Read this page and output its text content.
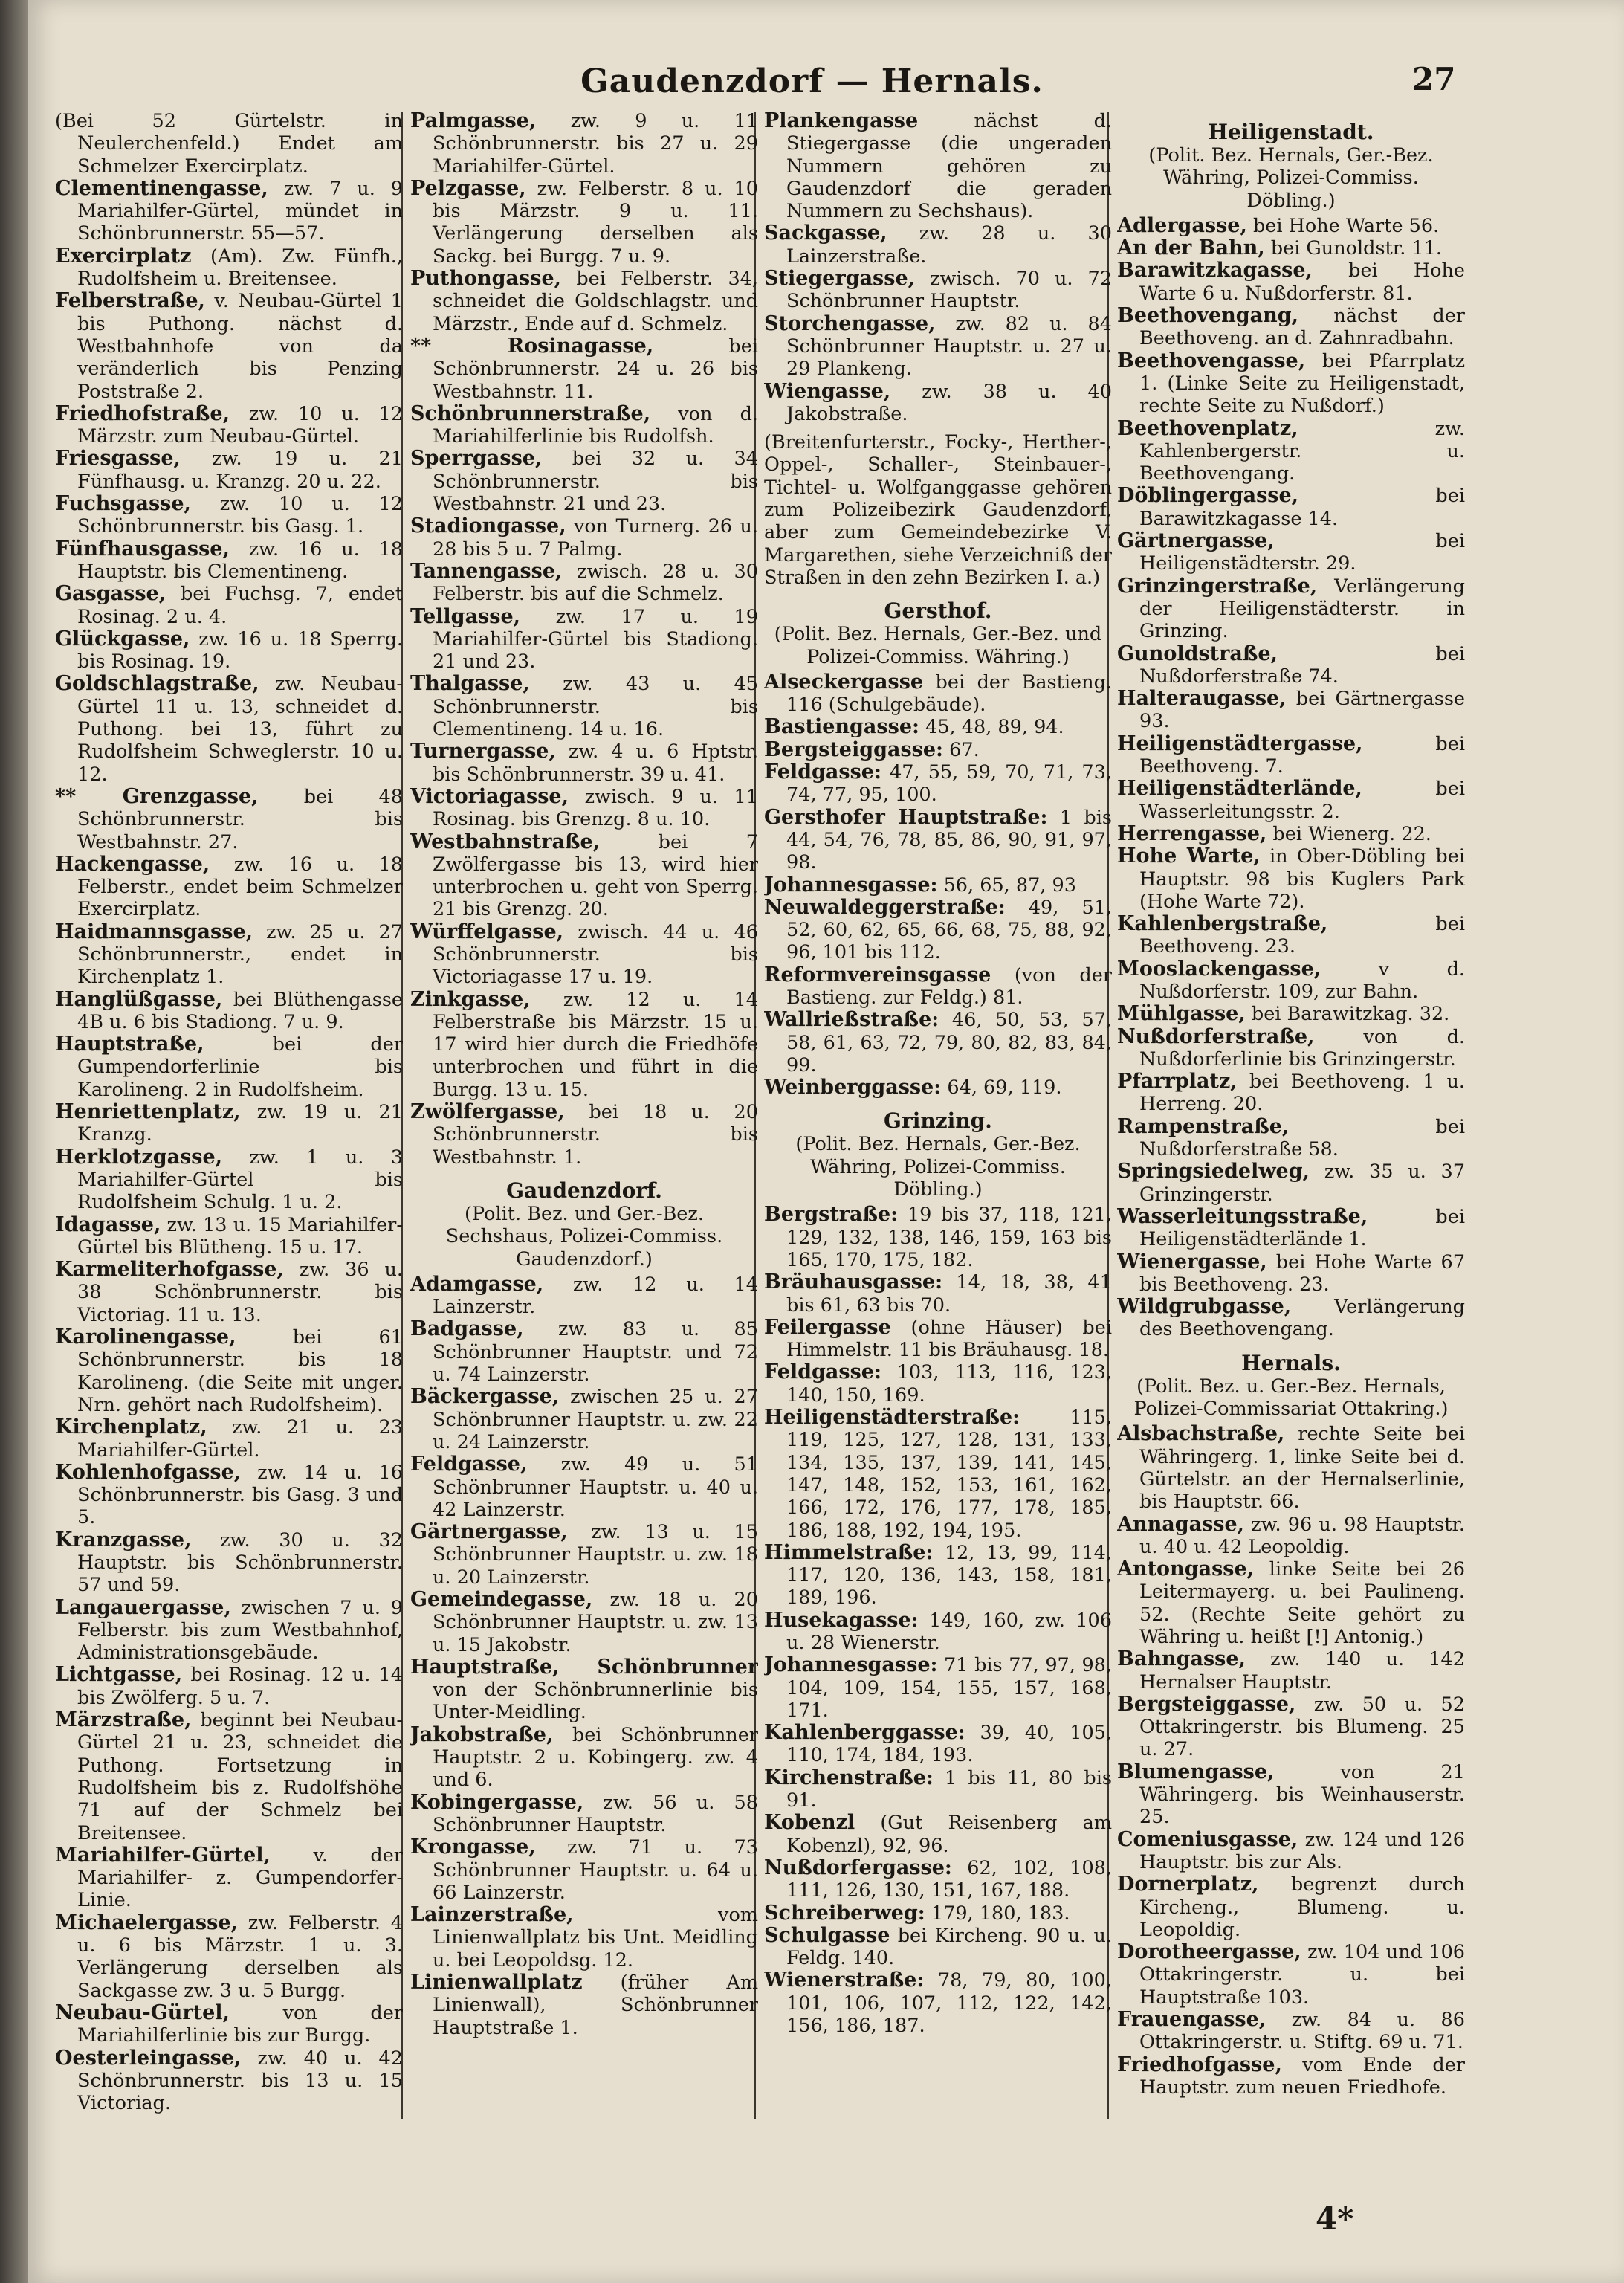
Gaudenzdorf — Hernals.	27
(Bei 52 Gürtelstr. in Neulerchenfeld.) Endet am Schmelzer Exercirplatz.
Clementinengasse, zw. 7 u. 9 Mariahilfer-Gürtel, mündet in Schönbrunnerstr. 55—57.
Exercirplatz (Am). Zw. Fünfh., Rudolfsheim u. Breitensee.
Felberstraße, v. Neubau-Gürtel 1 bis Puthong. nächst d. Westbahnhofe von da veränderlich bis Penzing Poststraße 2.
Friedhofstraße, zw. 10 u. 12 Märzstr. zum Neubau-Gürtel.
Friesgasse, zw. 19 u. 21 Fünfhausg. u. Kranzg. 20 u. 22.
Fuchsgasse, zw. 10 u. 12 Schönbrunnerstr. bis Gasg. 1.
Fünfhausgasse, zw. 16 u. 18 Hauptstr. bis Clementineng.
Gasgasse, bei Fuchsg. 7, endet Rosinag. 2 u. 4.
Glückgasse, zw. 16 u. 18 Sperrg. bis Rosinag. 19.
Goldschlagstraße, zw. Neubau-Gürtel 11 u. 13, schneidet d. Puthong. bei 13, führt zu Rudolfsheim Schweglerstr. 10 u. 12.
** Grenzgasse, bei 48 Schönbrunnerstr. bis Westbahnstr. 27.
Hackengasse, zw. 16 u. 18 Felberstr., endet beim Schmelzer Exercirplatz.
Haidmannsgasse, zw. 25 u. 27 Schönbrunnerstr., endet in Kirchenplatz 1.
Hanglüßgasse, bei Blüthengasse 4B u. 6 bis Stadiong. 7 u. 9.
Hauptstraße,	bei der Gumpendorferlinie bis Karolineng. 2 in Rudolfsheim.
Henriettenplatz, zw. 19 u. 21 Kranzg.
Herklotzgasse, zw. 1 u. 3 Mariahilfer-Gürtel bis Rudolfsheim Schulg. 1 u. 2.
Idagasse, zw. 13 u. 15 Mariahilfer-Gürtel bis Blütheng. 15 u. 17.
Karmeliterhofgasse, zw. 36 u. 38 Schönbrunnerstr. bis Victoriag. 11 u. 13.
Karolinengasse,	bei 61 Schönbrunnerstr. bis 18 Karolineng. (die Seite mit unger. Nrn. gehört nach Rudolfsheim).
Kirchenplatz, zw. 21 u. 23 Mariahilfer-Gürtel.
Kohlenhofgasse, zw. 14 u. 16 Schönbrunnerstr. bis Gasg. 3 und 5.
Kranzgasse, zw. 30 u. 32 Hauptstr. bis Schönbrunnerstr. 57 und 59.
Langauergasse, zwischen 7 u. 9 Felberstr. bis zum Westbahnhof, Administrationsgebäude.
Lichtgasse, bei Rosinag. 12 u. 14 bis Zwölferg. 5 u. 7.
Märzstraße, beginnt bei Neubau-Gürtel 21 u. 23, schneidet die Puthong. Fortsetzung in Rudolfsheim bis z. Rudolfshöhe 71 auf der Schmelz bei Breitensee.
Mariahilfer-Gürtel, v. der Mariahilfer- z. Gumpendorfer-Linie.
Michaelergasse, zw. Felberstr. 4 u. 6 bis Märzstr. 1 u. 3. Verlängerung derselben als Sackgasse zw. 3 u. 5 Burgg.
Neubau-Gürtel,	von der Mariahilferlinie bis zur Burgg.
Oesterleingasse, zw. 40 u. 42 Schönbrunnerstr. bis 13 u. 15 Victoriag.
Palmgasse, zw. 9 u. 11 Schönbrunnerstr. bis 27 u. 29 Mariahilfer-Gürtel.
Pelzgasse, zw. Felberstr. 8 u. 10 bis Märzstr. 9 u. 11. Verlängerung derselben als Sackg. bei Burgg. 7 u. 9.
Puthongasse, bei Felberstr. 34, schneidet die Goldschlagstr. und Märzstr., Ende auf d. Schmelz.
** Rosinagasse,	bei Schönbrunnerstr. 24 u. 26 bis Westbahnstr. 11.
Schönbrunnerstraße, von d. Mariahilferlinie bis Rudolfsh.
Sperrgasse, bei 32 u. 34 Schönbrunnerstr. bis Westbahnstr. 21 und 23.
Stadiongasse, von Turnerg. 26 u. 28 bis 5 u. 7 Palmg.
Tannengasse, zwisch. 28 u. 30 Felberstr. bis auf die Schmelz.
Tellgasse, zw. 17 u. 19 Mariahilfer-Gürtel bis Stadiong. 21 und 23.
Thalgasse, zw. 43 u. 45 Schönbrunnerstr. bis Clementineng. 14 u. 16.
Turnergasse, zw. 4 u. 6 Hptstr. bis Schönbrunnerstr. 39 u. 41.
Victoriagasse, zwisch. 9 u. 11 Rosinag. bis Grenzg. 8 u. 10.
Westbahnstraße,	bei 7 Zwölfergasse bis 13, wird hier unterbrochen u. geht von Sperrg. 21 bis Grenzg. 20.
Würffelgasse, zwisch. 44 u. 46 Schönbrunnerstr. bis Victoriagasse 17 u. 19.
Zinkgasse, zw. 12 u. 14 Felberstraße bis Märzstr. 15 u. 17 wird hier durch die Friedhöfe unterbrochen und führt in die Burgg. 13 u. 15.
Zwölfergasse, bei 18 u. 20 Schönbrunnerstr. bis Westbahnstr. 1.
Gaudenzdorf.
(Polit. Bez. und Ger.-Bez. Sechshaus, Polizei-Commiss. Gaudenzdorf.)
Adamgasse, zw. 12 u. 14 Lainzerstr.
Badgasse, zw. 83 u. 85 Schönbrunner Hauptstr. und 72 u. 74 Lainzerstr.
Bäckergasse, zwischen 25 u. 27 Schönbrunner Hauptstr. u. zw. 22 u. 24 Lainzerstr.
Feldgasse, zw. 49 u. 51 Schönbrunner Hauptstr. u. 40 u. 42 Lainzerstr.
Gärtnergasse, zw. 13 u. 15 Schönbrunner Hauptstr. u. zw. 18 u. 20 Lainzerstr.
Gemeindegasse, zw. 18 u. 20 Schönbrunner Hauptstr. u. zw. 13 u. 15 Jakobstr.
Hauptstraße, Schönbrunner von der Schönbrunnerlinie bis Unter-Meidling.
Jakobstraße, bei Schönbrunner Hauptstr. 2 u. Kobingerg. zw. 4 und 6.
Kobingergasse, zw. 56 u. 58 Schönbrunner Hauptstr.
Krongasse, zw. 71 u. 73 Schönbrunner Hauptstr. u. 64 u. 66 Lainzerstr.
Lainzerstraße,	vom Linienwallplatz bis Unt. Meidling u. bei Leopoldsg. 12.
Linienwallplatz (früher Am Linienwall), Schönbrunner Hauptstraße 1.
Plankengasse	nächst d. Stiegergasse (die ungeraden Nummern gehören zu Gaudenzdorf die geraden Nummern zu Sechshaus).
Sackgasse, zw. 28 u. 30 Lainzerstraße.
Stiegergasse, zwisch. 70 u. 72 Schönbrunner Hauptstr.
Storchengasse, zw. 82 u. 84 Schönbrunner Hauptstr. u. 27 u. 29 Plankeng.
Wiengasse, zw. 38 u. 40 Jakobstraße.
(Breitenfurterstr., Focky-, Herther-, Oppel-, Schaller-, Steinbauer-, Tichtel- u. Wolfganggasse gehören zum Polizeibezirk Gaudenzdorf, aber zum Gemeindebezirke V. Margarethen, siehe Verzeichniß der Straßen in den zehn Bezirken I. a.)
Gersthof.
(Polit. Bez. Hernals, Ger.-Bez. und Polizei-Commiss. Währing.)
Alseckergasse bei der Bastieng. 116 (Schulgebäude).
Bastiengasse: 45, 48, 89, 94.
Bergsteiggasse: 67.
Feldgasse: 47, 55, 59, 70, 71, 73, 74, 77, 95, 100.
Gersthofer Hauptstraße: 1 bis 44, 54, 76, 78, 85, 86, 90, 91, 97, 98.
Johannesgasse: 56, 65, 87, 93
Neuwaldeggerstraße: 49, 51, 52, 60, 62, 65, 66, 68, 75, 88, 92, 96, 101 bis 112.
Reformvereinsgasse (von der Bastieng. zur Feldg.) 81.
Wallrießstraße: 46, 50, 53, 57, 58, 61, 63, 72, 79, 80, 82, 83, 84, 99.
Weinberggasse: 64, 69, 119.
Grinzing.
(Polit. Bez. Hernals, Ger.-Bez. Währing, Polizei-Commiss. Döbling.)
Bergstraße: 19 bis 37, 118, 121, 129, 132, 138, 146, 159, 163 bis 165, 170, 175, 182.
Bräuhausgasse: 14, 18, 38, 41 bis 61, 63 bis 70.
Feilergasse (ohne Häuser) bei Himmelstr. 11 bis Bräuhausg. 18.
Feldgasse: 103, 113, 116, 123, 140, 150, 169.
Heiligenstädterstraße:	115, 119, 125, 127, 128, 131, 133, 134, 135, 137, 139, 141, 145, 147, 148, 152, 153, 161, 162, 166, 172, 176, 177, 178, 185, 186, 188, 192, 194, 195.
Himmelstraße: 12, 13, 99, 114, 117, 120, 136, 143, 158, 181, 189, 196.
Husekagasse: 149, 160, zw. 106 u. 28 Wienerstr.
Johannesgasse: 71 bis 77, 97, 98, 104, 109, 154, 155, 157, 168, 171.
Kahlenberggasse: 39, 40, 105, 110, 174, 184, 193.
Kirchenstraße: 1 bis 11, 80 bis 91.
Kobenzl (Gut Reisenberg am Kobenzl), 92, 96.
Nußdorfergasse: 62, 102, 108, 111, 126, 130, 151, 167, 188.
Schreiberweg: 179, 180, 183.
Schulgasse bei Kircheng. 90 u. u. Feldg. 140.
Wienerstraße: 78, 79, 80, 100, 101, 106, 107, 112, 122, 142, 156, 186, 187.
Heiligenstadt.
(Polit. Bez. Hernals, Ger.-Bez. Währing, Polizei-Commiss. Döbling.)
Adlergasse, bei Hohe Warte 56.
An der Bahn, bei Gunoldstr. 11.
Barawitzkagasse, bei Hohe Warte 6 u. Nußdorferstr. 81.
Beethovengang, nächst der Beethoveng. an d. Zahnradbahn.
Beethovengasse, bei Pfarrplatz 1. (Linke Seite zu Heiligenstadt, rechte Seite zu Nußdorf.)
Beethovenplatz,	zw. Kahlenbergerstr. u. Beethovengang.
Döblingergasse,	bei Barawitzkagasse 14.
Gärtnergasse,	bei Heiligenstädterstr. 29.
Grinzingerstraße, Verlängerung der Heiligenstädterstr. in Grinzing.
Gunoldstraße,	bei Nußdorferstraße 74.
Halteraugasse, bei Gärtnergasse 93.
Heiligenstädtergasse,	bei Beethoveng. 7.
Heiligenstädterlände,	bei Wasserleitungsstr. 2.
Herrengasse, bei Wienerg. 22.
Hohe Warte, in Ober-Döbling bei Hauptstr. 98 bis Kuglers Park (Hohe Warte 72).
Kahlenbergstraße,	bei Beethoveng. 23.
Mooslackengasse,	v d. Nußdorferstr. 109, zur Bahn.
Mühlgasse, bei Barawitzkag. 32.
Nußdorferstraße,	von d. Nußdorferlinie bis Grinzingerstr.
Pfarrplatz, bei Beethoveng. 1 u. Herreng. 20.
Rampenstraße,	bei Nußdorferstraße 58.
Springsiedelweg, zw. 35 u. 37 Grinzingerstr.
Wasserleitungsstraße,	bei Heiligenstädterlände 1.
Wienergasse, bei Hohe Warte 67 bis Beethoveng. 23.
Wildgrubgasse, Verlängerung des Beethovengang.
Hernals.
(Polit. Bez. u. Ger.-Bez. Hernals, Polizei-Commissariat Ottakring.)
Alsbachstraße, rechte Seite bei Währingerg. 1, linke Seite bei d. Gürtelstr. an der Hernalserlinie, bis Hauptstr. 66.
Annagasse, zw. 96 u. 98 Hauptstr. u. 40 u. 42 Leopoldig.
Antongasse, linke Seite bei 26 Leitermayerg. u. bei Paulineng. 52. (Rechte Seite gehört zu Währing u. heißt [!] Antonig.)
Bahngasse, zw. 140 u. 142 Hernalser Hauptstr.
Bergsteiggasse, zw. 50 u. 52 Ottakringerstr. bis Blumeng. 25 u. 27.
Blumengasse,	von 21 Währingerg. bis Weinhauserstr. 25.
Comeniusgasse, zw. 124 und 126 Hauptstr. bis zur Als.
Dornerplatz, begrenzt durch Kircheng., Blumeng. u. Leopoldig.
Dorotheergasse, zw. 104 und 106 Ottakringerstr. u. bei Hauptstraße 103.
Frauengasse, zw. 84 u. 86 Ottakringerstr. u. Stiftg. 69 u. 71.
Friedhofgasse, vom Ende der Hauptstr. zum neuen Friedhofe.
4*
